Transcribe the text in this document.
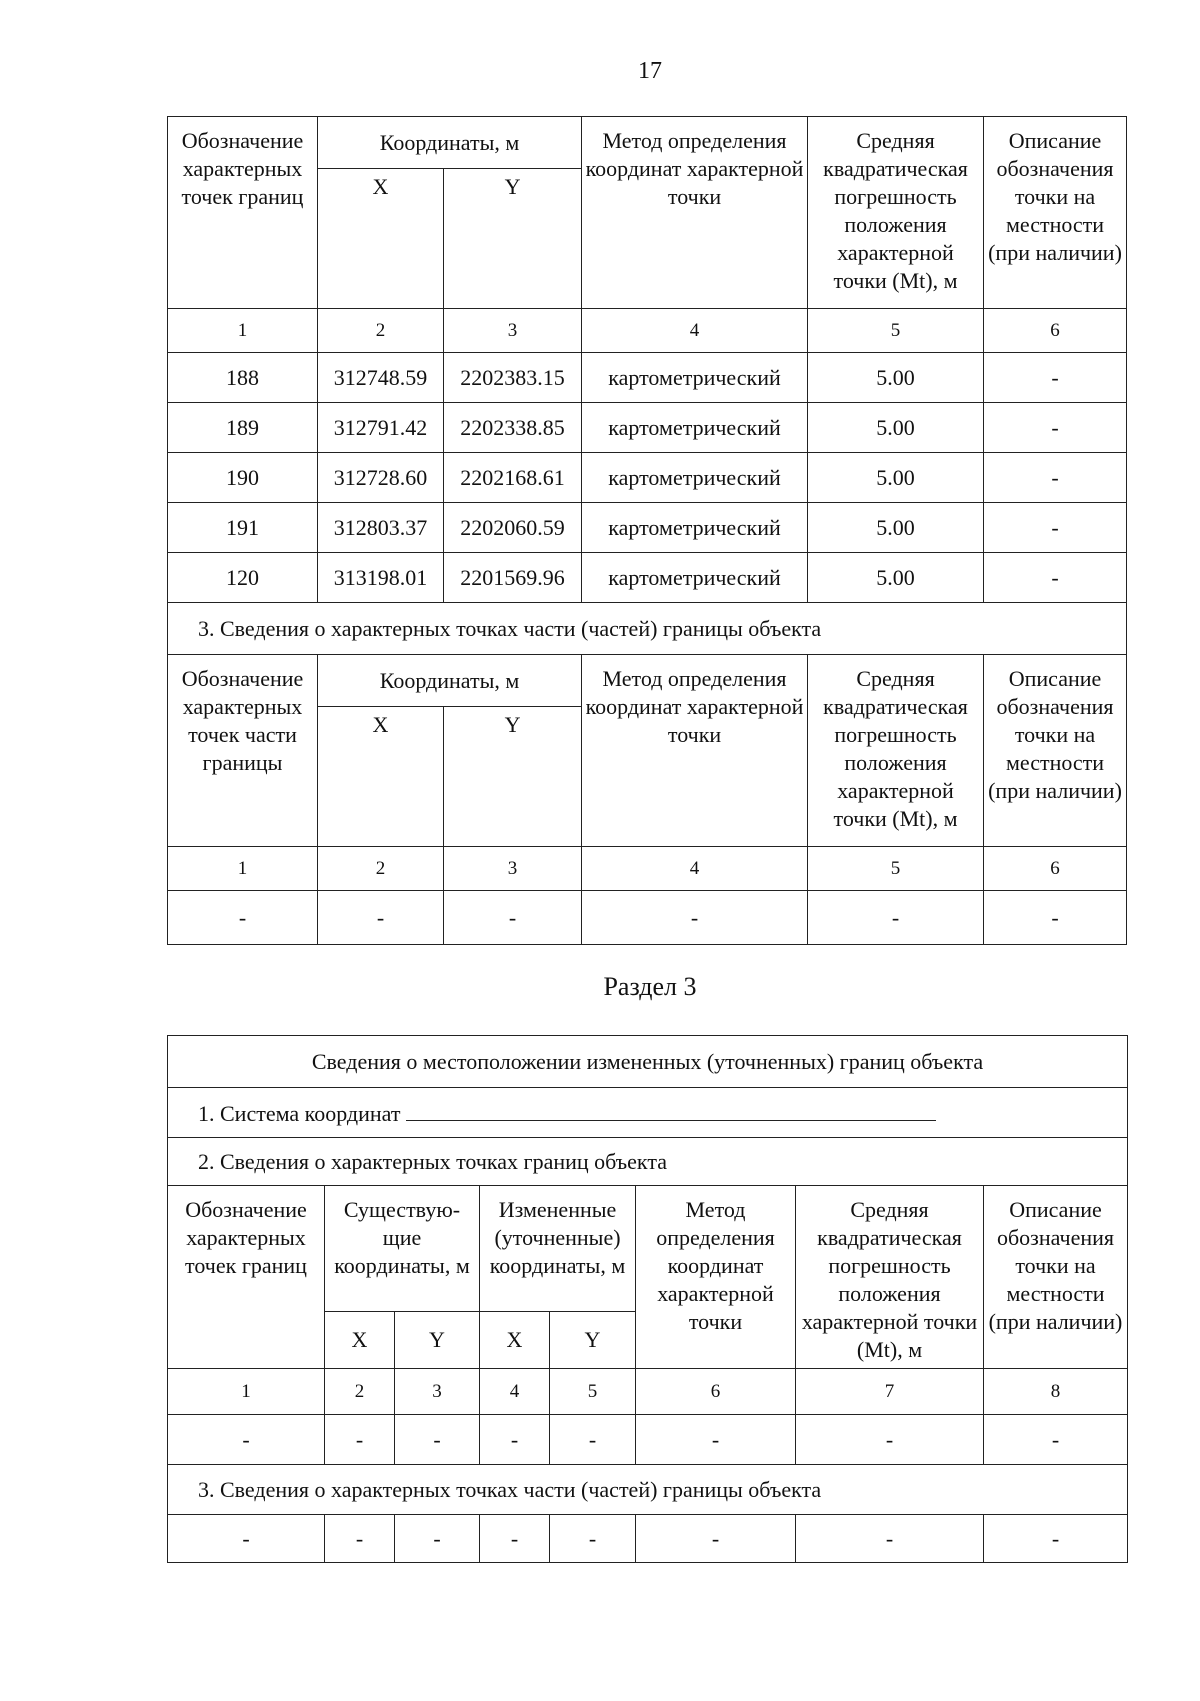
17
Обозначение характерных точек границ	Координаты, м		Метод определения координат характерной точки	Средняя квадратическая погрешность положения характерной точки (Mt), м	Описание обозначения точки на местности (при наличии)
	X	Y			
1	2	3	4	5	6
188	312748.59	2202383.15	картометрический	5.00	-
189	312791.42	2202338.85	картометрический	5.00	-
190	312728.60	2202168.61	картометрический	5.00	-
191	312803.37	2202060.59	картометрический	5.00	-
120	313198.01	2201569.96	картометрический	5.00	-
3. Сведения о характерных точках части (частей) границы объекта					
Обозначение характерных точек части границы	Координаты, м		Метод определения координат характерной точки	Средняя квадратическая погрешность положения характерной точки (Mt), м	Описание обозначения точки на местности (при наличии)
	X	Y			
1	2	3	4	5	6
-	-	-	-	-	-
Раздел 3
Сведения о местоположении измененных (уточненных) границ объекта							
1. Система координат							
2. Сведения о характерных точках границ объекта							
Обозначение характерных точек границ	Существую- щие координаты, м		Измененные (уточненные) координаты, м		Метод определения координат характерной точки	Средняя квадратическая погрешность положения характерной точки (Mt), м	Описание обозначения точки на местности (при наличии)
	X	Y	X	Y			
1	2	3	4	5	6	7	8
-	-	-	-	-	-	-	-
3. Сведения о характерных точках части (частей) границы объекта							
-	-	-	-	-	-	-	-
